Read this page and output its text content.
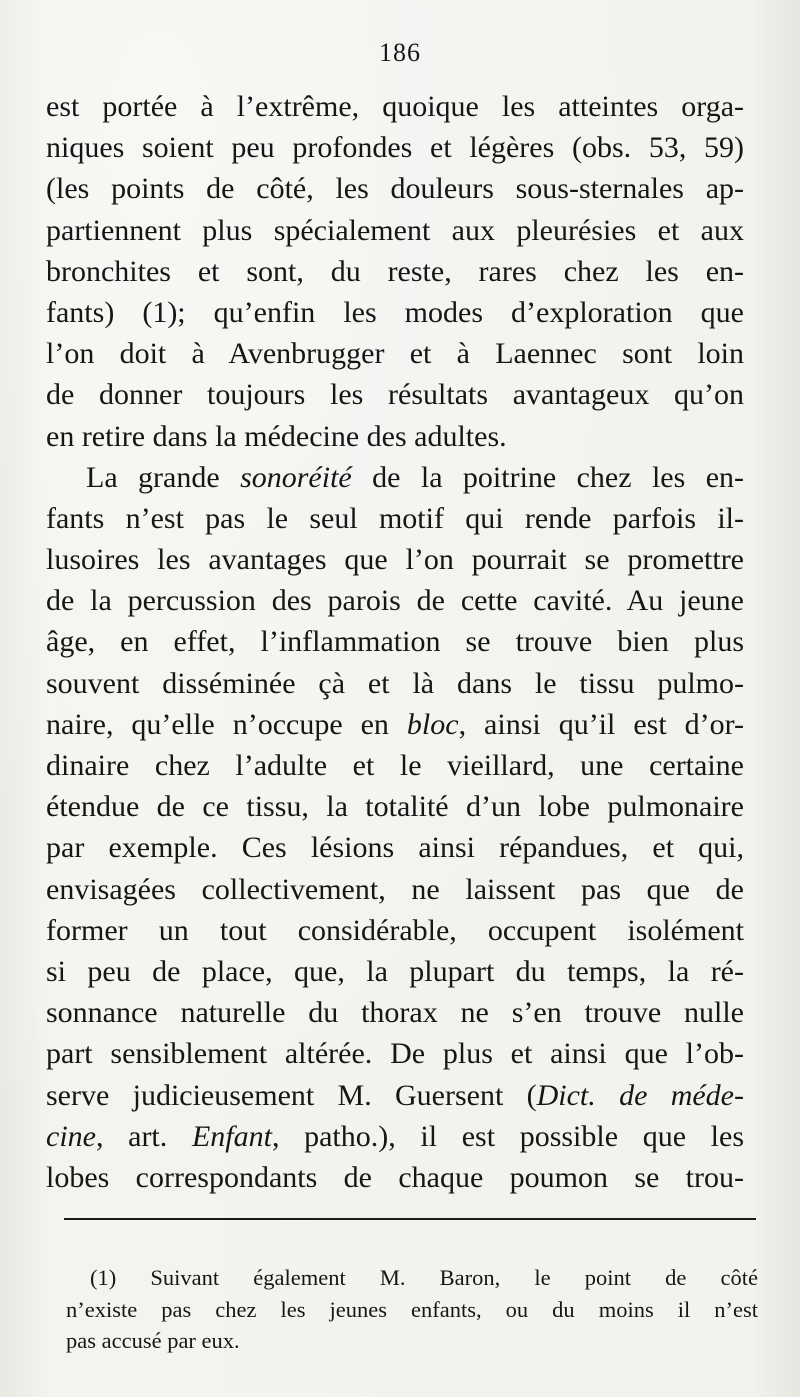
186
est portée à l’extrême, quoique les atteintes orga-
niques soient peu profondes et légères (obs. 53, 59)
(les points de côté, les douleurs sous-sternales ap-
partiennent plus spécialement aux pleurésies et aux
bronchites et sont, du reste, rares chez les en-
fants) (1); qu’enfin les modes d’exploration que
l’on doit à Avenbrugger et à Laennec sont loin
de donner toujours les résultats avantageux qu’on
en retire dans la médecine des adultes.
La grande sonoréité de la poitrine chez les en-
fants n’est pas le seul motif qui rende parfois il-
lusoires les avantages que l’on pourrait se promettre
de la percussion des parois de cette cavité. Au jeune
âge, en effet, l’inflammation se trouve bien plus
souvent disséminée çà et là dans le tissu pulmo-
naire, qu’elle n’occupe en bloc, ainsi qu’il est d’or-
dinaire chez l’adulte et le vieillard, une certaine
étendue de ce tissu, la totalité d’un lobe pulmonaire
par exemple. Ces lésions ainsi répandues, et qui,
envisagées collectivement, ne laissent pas que de
former un tout considérable, occupent isolément
si peu de place, que, la plupart du temps, la ré-
sonnance naturelle du thorax ne s’en trouve nulle
part sensiblement altérée. De plus et ainsi que l’ob-
serve judicieusement M. Guersent (Dict. de méde-
cine, art. Enfant, patho.), il est possible que les
lobes correspondants de chaque poumon se trou-
(1) Suivant également M. Baron, le point de côté
n’existe pas chez les jeunes enfants, ou du moins il n’est
pas accusé par eux.
